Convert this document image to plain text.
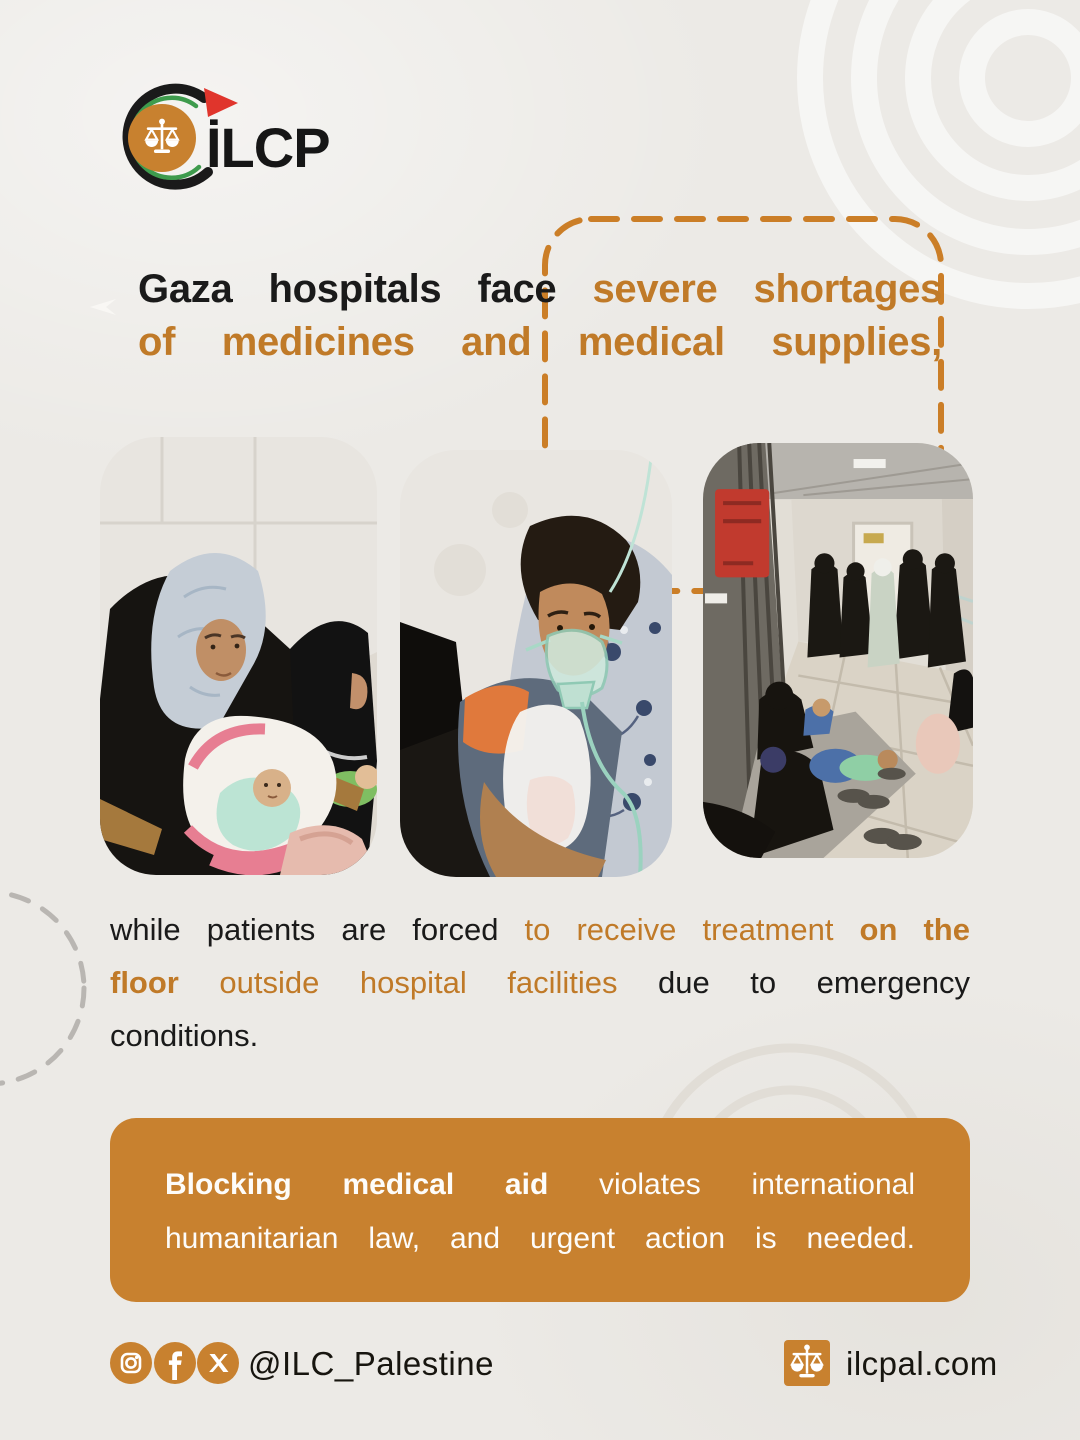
İLCP
Gaza hospitals face severe shortages
of medicines and medical supplies,
while patients are forced to receive treatment on the
floor outside hospital facilities due to emergency
conditions.
Blocking medical aid violates international
humanitarian law, and urgent action is needed.
@ILC_Palestine	ilcpal.com
